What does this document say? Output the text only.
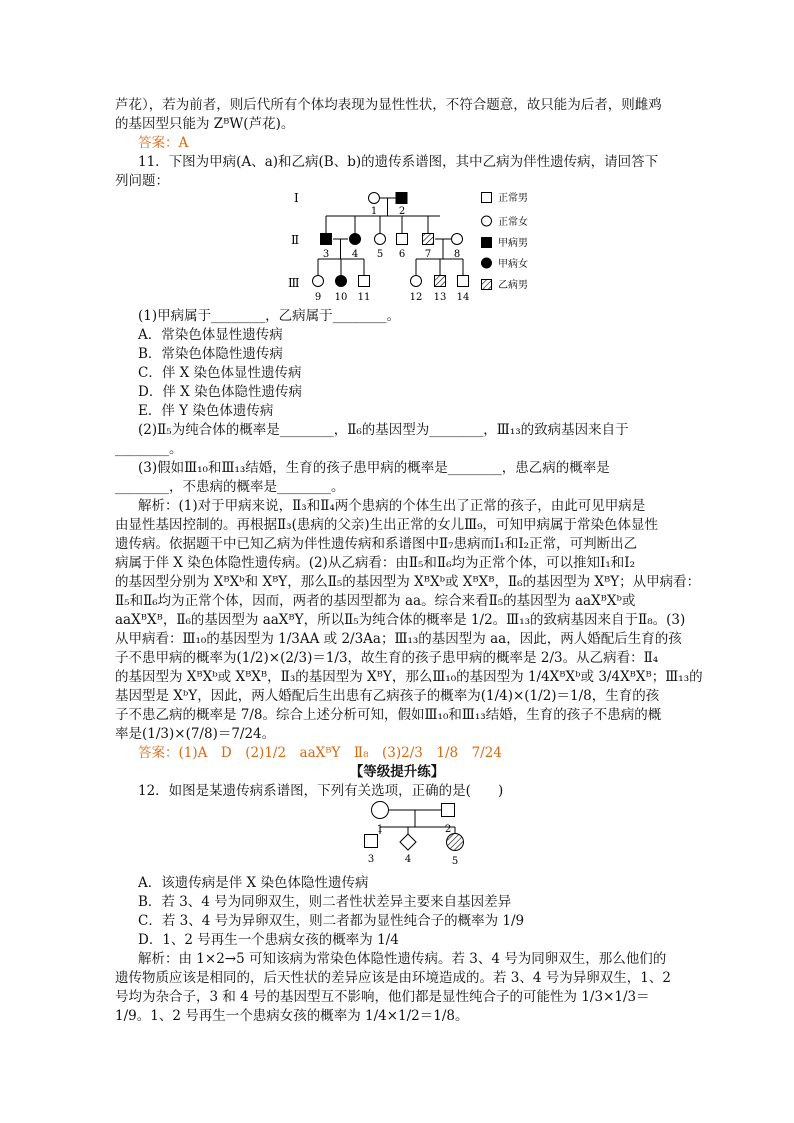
芦花），若为前者，则后代所有个体均表现为显性性状，不符合题意，故只能为后者，则雌鸡
的基因型只能为 ZᴮW(芦花)。
答案：A
11．下图为甲病(A、a)和乙病(B、b)的遗传系谱图，其中乙病为伴性遗传病，请回答下
列问题：
Ⅰ
Ⅱ
Ⅲ
1 2
3 4 5 6 7 8
9 10 11	12 13 14
正常男
正常女
甲病男
甲病女
乙病男
(1)甲病属于________，乙病属于________。
A．常染色体显性遗传病
B．常染色体隐性遗传病
C．伴 X 染色体显性遗传病
D．伴 X 染色体隐性遗传病
E．伴 Y 染色体遗传病
(2)Ⅱ₅为纯合体的概率是________，Ⅱ₆的基因型为________，Ⅲ₁₃的致病基因来自于
________。
(3)假如Ⅲ₁₀和Ⅲ₁₃结婚，生育的孩子患甲病的概率是________，患乙病的概率是
________，不患病的概率是________。
解析：(1)对于甲病来说，Ⅱ₃和Ⅱ₄两个患病的个体生出了正常的孩子，由此可见甲病是
由显性基因控制的。再根据Ⅱ₃(患病的父亲)生出正常的女儿Ⅲ₉，可知甲病属于常染色体显性
遗传病。依据题干中已知乙病为伴性遗传病和系谱图中Ⅱ₇患病而Ⅰ₁和Ⅰ₂正常，可判断出乙
病属于伴 X 染色体隐性遗传病。(2)从乙病看：由Ⅱ₅和Ⅱ₆均为正常个体，可以推知Ⅰ₁和Ⅰ₂
的基因型分别为 XᴮXᵇ和 XᴮY，那么Ⅱ₅的基因型为 XᴮXᵇ或 XᴮXᴮ，Ⅱ₆的基因型为 XᴮY；从甲病看：
Ⅱ₅和Ⅱ₆均为正常个体，因而，两者的基因型都为 aa。综合来看Ⅱ₅的基因型为 aaXᴮXᵇ或
aaXᴮXᴮ，Ⅱ₆的基因型为 aaXᴮY，所以Ⅱ₅为纯合体的概率是 1/2。Ⅲ₁₃的致病基因来自于Ⅱ₈。(3)
从甲病看：Ⅲ₁₀的基因型为 1/3AA 或 2/3Aa；Ⅲ₁₃的基因型为 aa，因此，两人婚配后生育的孩
子不患甲病的概率为(1/2)×(2/3)＝1/3，故生育的孩子患甲病的概率是 2/3。从乙病看：Ⅱ₄
的基因型为 XᴮXᵇ或 XᴮXᴮ，Ⅱ₃的基因型为 XᴮY，那么Ⅲ₁₀的基因型为 1/4XᴮXᵇ或 3/4XᴮXᴮ；Ⅲ₁₃的
基因型是 XᵇY，因此，两人婚配后生出患有乙病孩子的概率为(1/4)×(1/2)＝1/8，生育的孩
子不患乙病的概率是 7/8。综合上述分析可知，假如Ⅲ₁₀和Ⅲ₁₃结婚，生育的孩子不患病的概
率是(1/3)×(7/8)＝7/24。
答案：(1)A　D　(2)1/2　aaXᴮY　Ⅱ₈　(3)2/3　1/8　7/24
【等级提升练】
12．如图是某遗传病系谱图，下列有关选项，正确的是(　　)
1	2
3	4	5
A．该遗传病是伴 X 染色体隐性遗传病
B．若 3、4 号为同卵双生，则二者性状差异主要来自基因差异
C．若 3、4 号为异卵双生，则二者都为显性纯合子的概率为 1/9
D．1、2 号再生一个患病女孩的概率为 1/4
解析：由 1×2→5 可知该病为常染色体隐性遗传病。若 3、4 号为同卵双生，那么他们的
遗传物质应该是相同的，后天性状的差异应该是由环境造成的。若 3、4 号为异卵双生，1、2
号均为杂合子，3 和 4 号的基因型互不影响，他们都是显性纯合子的可能性为 1/3×1/3＝
1/9。1、2 号再生一个患病女孩的概率为 1/4×1/2＝1/8。
